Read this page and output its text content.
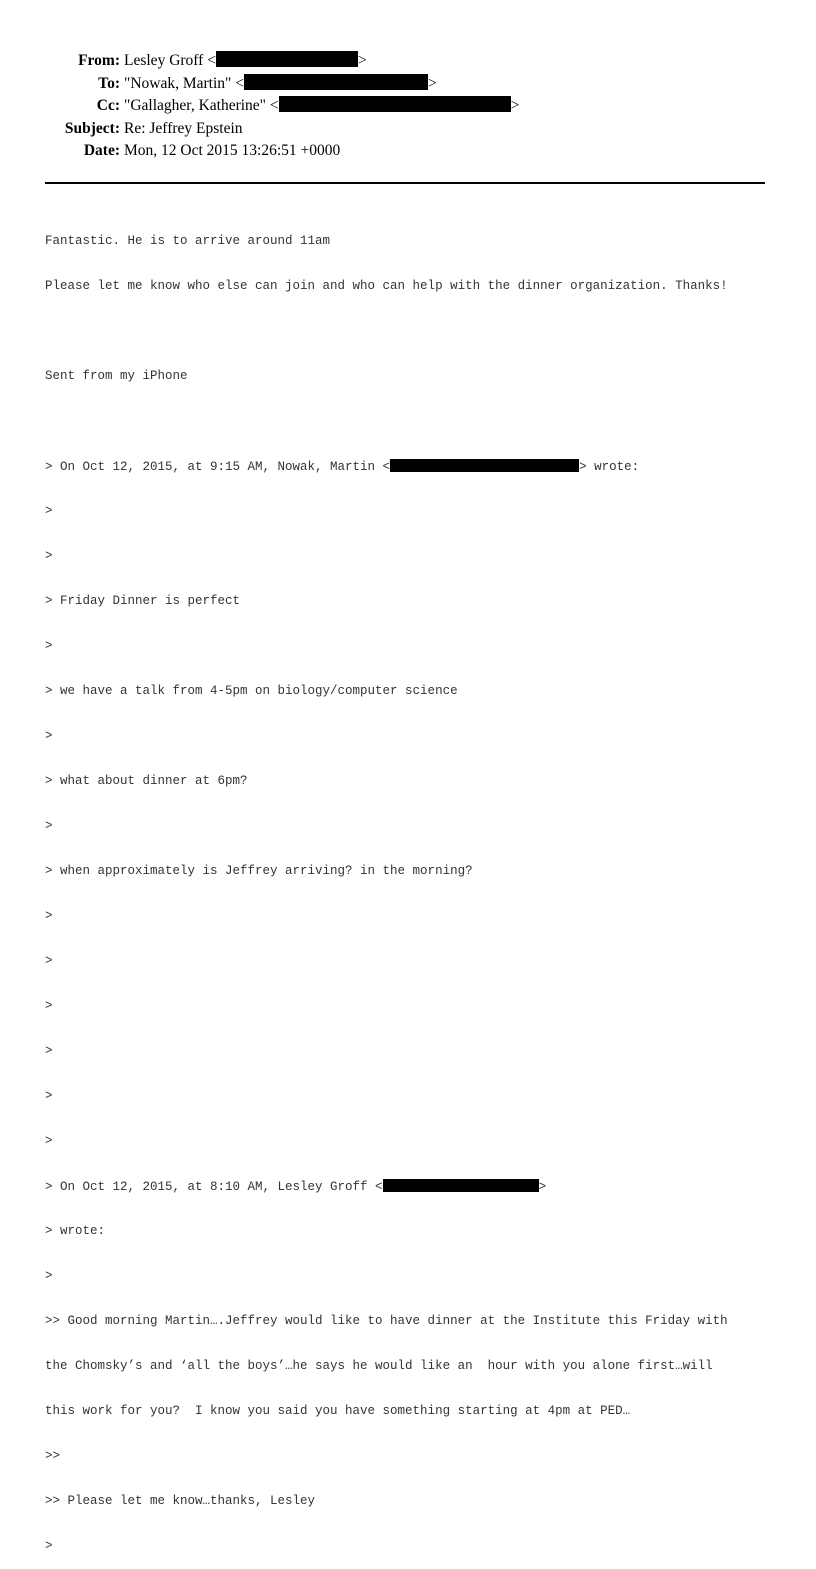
From: Lesley Groff <	>
To: "Nowak, Martin" <	>
Cc: "Gallagher, Katherine" <	>
Subject: Re: Jeffrey Epstein
Date: Mon, 12 Oct 2015 13:26:51 +0000

Fantastic. He is to arrive around 11am

Please let me know who else can join and who can help with the dinner organization. Thanks!

Sent from my iPhone

> On Oct 12, 2015, at 9:15 AM, Nowak, Martin <	> wrote:

>

>

> Friday Dinner is perfect

>

> we have a talk from 4-5pm on biology/computer science

>

> what about dinner at 6pm?

>

> when approximately is Jeffrey arriving? in the morning?

>

>

>

>

>

>

> On Oct 12, 2015, at 8:10 AM, Lesley Groff <	>

> wrote:

>

>> Good morning Martin….Jeffrey would like to have dinner at the Institute this Friday with

the Chomsky’s and ‘all the boys’…he says he would like an  hour with you alone first…will

this work for you?  I know you said you have something starting at 4pm at PED…

>>

>> Please let me know…thanks, Lesley

>
